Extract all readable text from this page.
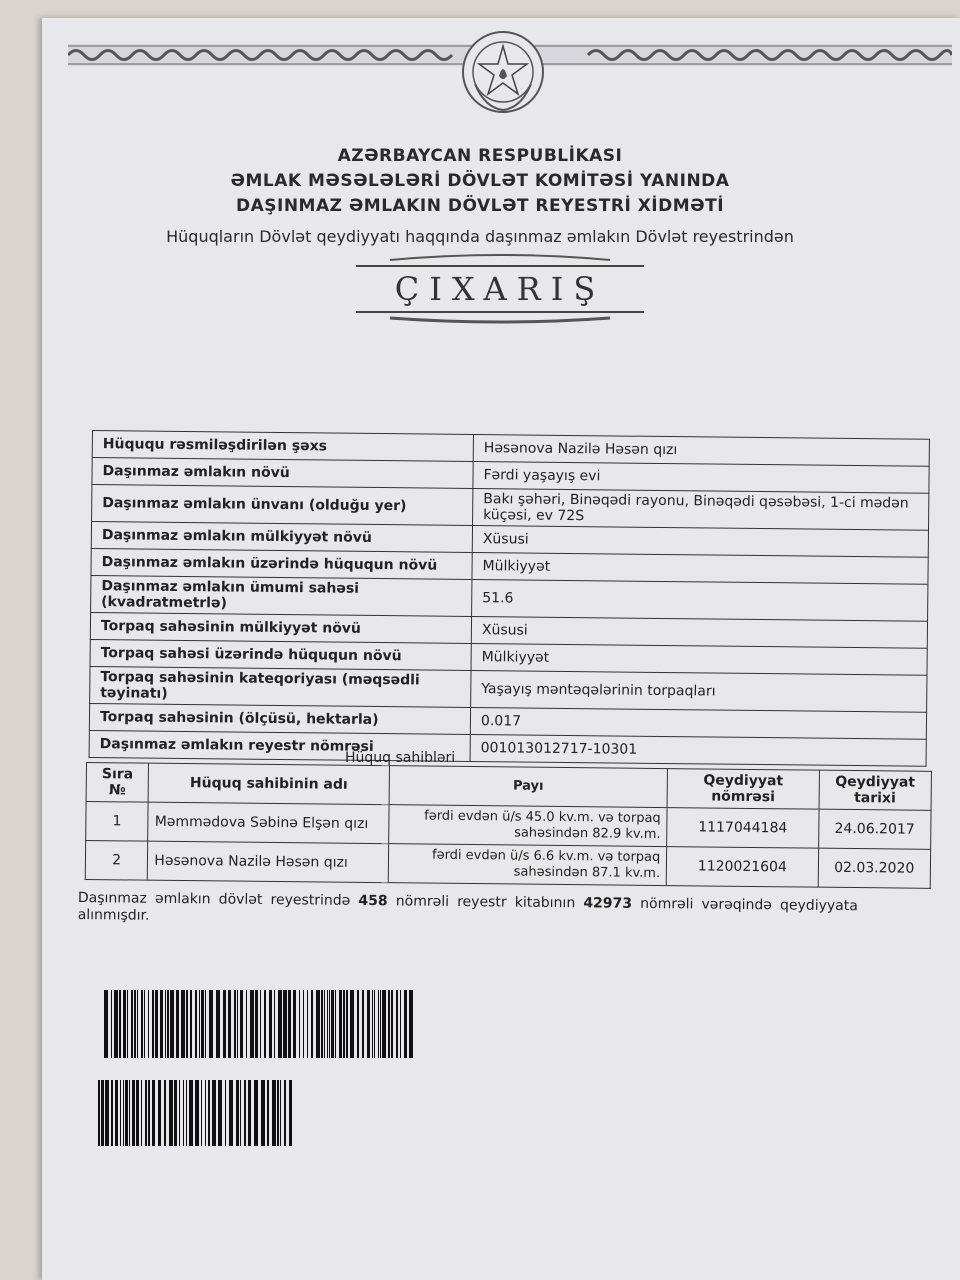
AZƏRBAYCAN RESPUBLİKASI
ƏMLAK MƏSƏLƏLƏRİ DÖVLƏT KOMİTƏSİ YANINDA
DAŞINMAZ ƏMLAKIN DÖVLƏT REYESTRİ XİDMƏTİ
Hüquqların Dövlət qeydiyyatı haqqında daşınmaz əmlakın Dövlət reyestrindən
ÇIXARIŞ
Hüququ rəsmiləşdirilən şəxs	Həsənova Nazilə Həsən qızı
Daşınmaz əmlakın növü	Fərdi yaşayış evi
Daşınmaz əmlakın ünvanı (olduğu yer)	Bakı şəhəri, Binəqədi rayonu, Binəqədi qəsəbəsi, 1-ci mədən küçəsi, ev 72S
Daşınmaz əmlakın mülkiyyət növü	Xüsusi
Daşınmaz əmlakın üzərində hüququn növü	Mülkiyyət
Daşınmaz əmlakın ümumi sahəsi (kvadratmetrlə)	51.6
Torpaq sahəsinin mülkiyyət növü	Xüsusi
Torpaq sahəsi üzərində hüququn növü	Mülkiyyət
Torpaq sahəsinin kateqoriyası (məqsədli təyinatı)	Yaşayış məntəqələrinin torpaqları
Torpaq sahəsinin (ölçüsü, hektarla)	0.017
Daşınmaz əmlakın reyestr nömrəsi	001013012717-10301
Hüquq sahibləri
Sıra №	Hüquq sahibinin adı	Payı	Qeydiyyat nömrəsi	Qeydiyyat tarixi
1	Məmmədova Səbinə Elşən qızı	fərdi evdən ü/s 45.0 kv.m. və torpaq sahəsindən 82.9 kv.m.	1117044184	24.06.2017
2	Həsənova Nazilə Həsən qızı	fərdi evdən ü/s 6.6 kv.m. və torpaq sahəsindən 87.1 kv.m.	1120021604	02.03.2020
Daşınmaz əmlakın dövlət reyestrində 458 nömrəli reyestr kitabının 42973 nömrəli vərəqində qeydiyyata alınmışdır.
